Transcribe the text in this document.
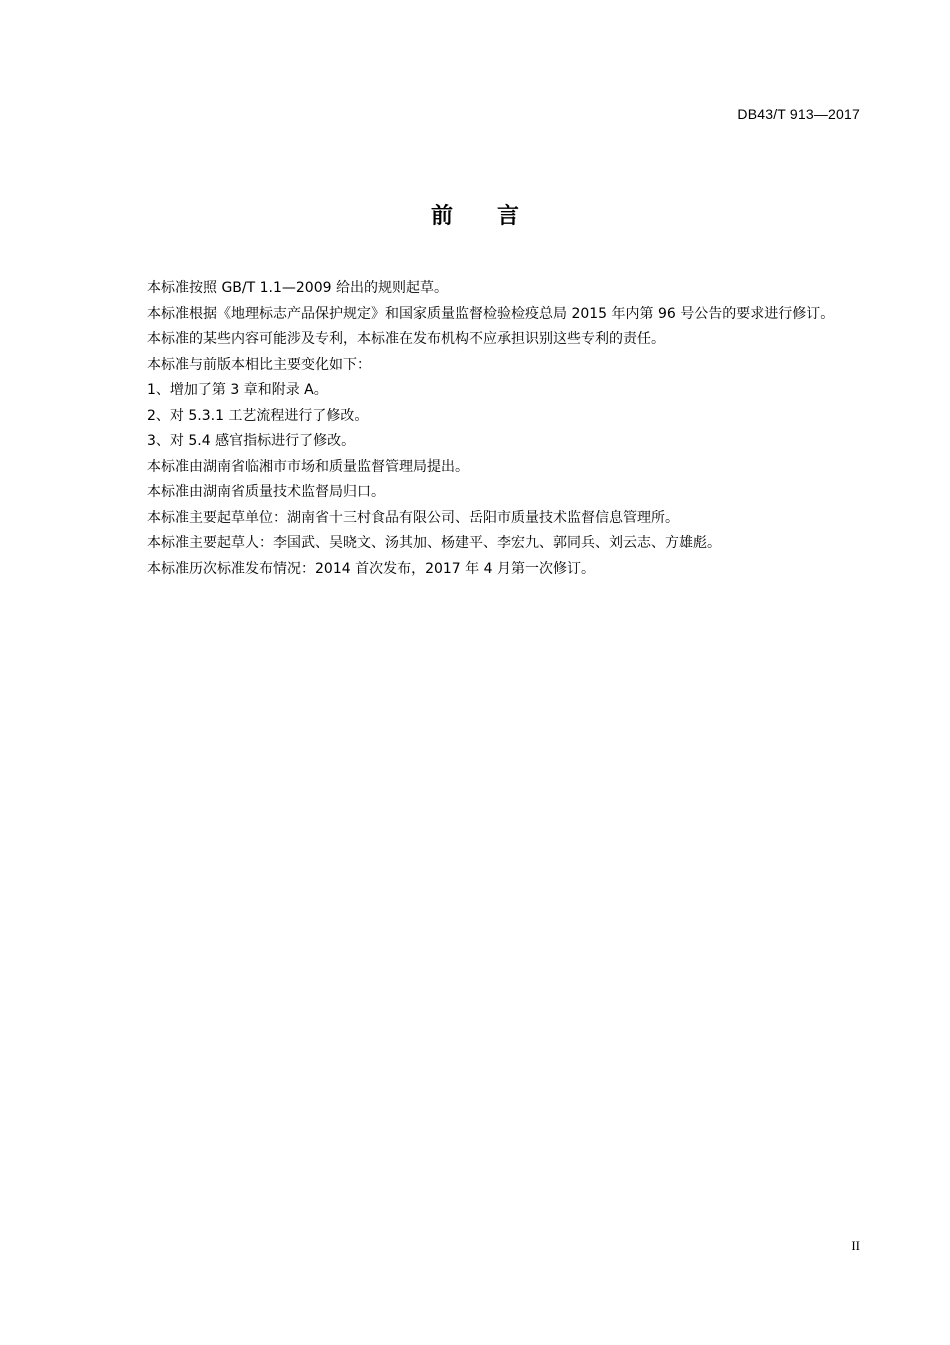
DB43/T 913—2017
前 言

本标准按照 GB/T 1.1—2009 给出的规则起草。

本标准根据《地理标志产品保护规定》和国家质量监督检验检疫总局 2015 年内第 96 号公告的要求进行修订。

本标准的某些内容可能涉及专利，本标准在发布机构不应承担识别这些专利的责任。

本标准与前版本相比主要变化如下：

1、增加了第 3 章和附录 A。

2、对 5.3.1 工艺流程进行了修改。

3、对 5.4 感官指标进行了修改。

本标准由湖南省临湘市市场和质量监督管理局提出。

本标准由湖南省质量技术监督局归口。

本标准主要起草单位：湖南省十三村食品有限公司、岳阳市质量技术监督信息管理所。

本标准主要起草人：李国武、吴晓文、汤其加、杨建平、李宏九、郭同兵、刘云志、方雄彪。

本标准历次标准发布情况：2014 首次发布，2017 年 4 月第一次修订。

II
